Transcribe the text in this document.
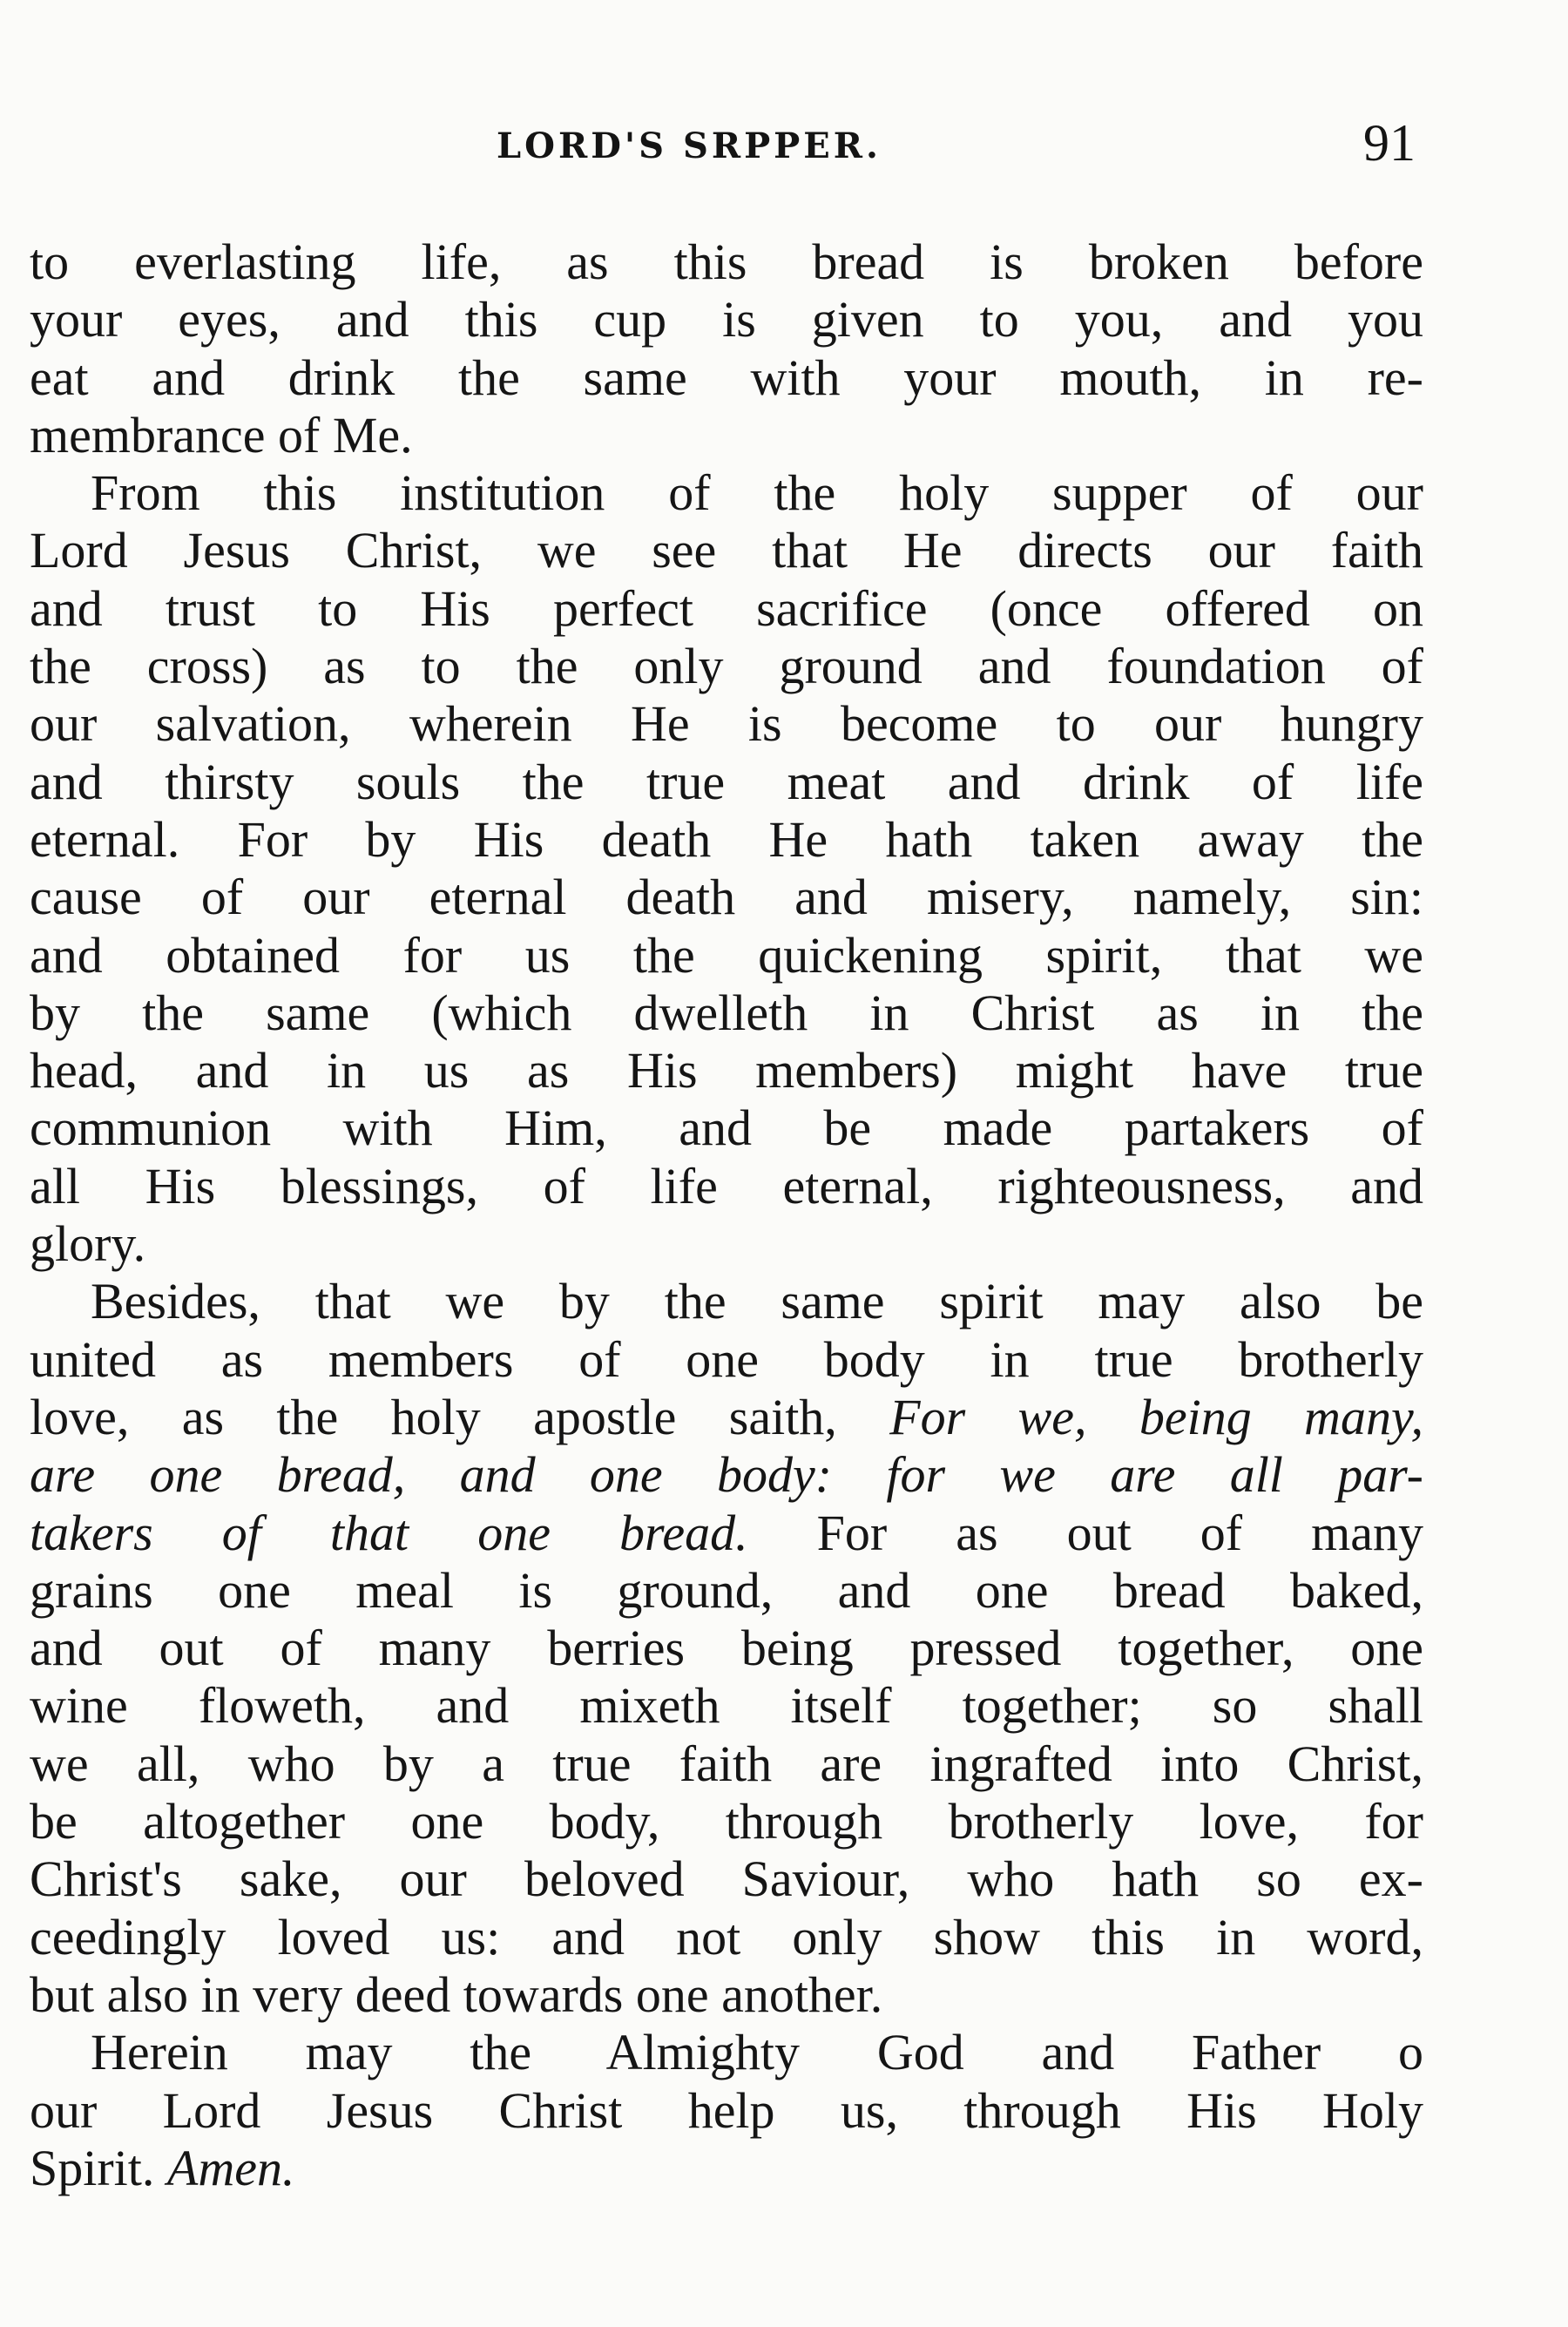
LORD'S SRPPER.	91
to everlasting life, as this bread is broken before
your eyes, and this cup is given to you, and you
eat and drink the same with your mouth, in re-
membrance of Me.
From this institution of the holy supper of our
Lord Jesus Christ, we see that He directs our faith
and trust to His perfect sacrifice (once offered on
the cross) as to the only ground and foundation of
our salvation, wherein He is become to our hungry
and thirsty souls the true meat and drink of life
eternal. For by His death He hath taken away the
cause of our eternal death and misery, namely, sin:
and obtained for us the quickening spirit, that we
by the same (which dwelleth in Christ as in the
head, and in us as His members) might have true
communion with Him, and be made partakers of
all His blessings, of life eternal, righteousness, and
glory.
Besides, that we by the same spirit may also be
united as members of one body in true brotherly
love, as the holy apostle saith, For we, being many,
are one bread, and one body: for we are all par-
takers of that one bread. For as out of many
grains one meal is ground, and one bread baked,
and out of many berries being pressed together, one
wine floweth, and mixeth itself together; so shall
we all, who by a true faith are ingrafted into Christ,
be altogether one body, through brotherly love, for
Christ's sake, our beloved Saviour, who hath so ex-
ceedingly loved us: and not only show this in word,
but also in very deed towards one another.
Herein may the Almighty God and Father o
our Lord Jesus Christ help us, through His Holy
Spirit. Amen.
